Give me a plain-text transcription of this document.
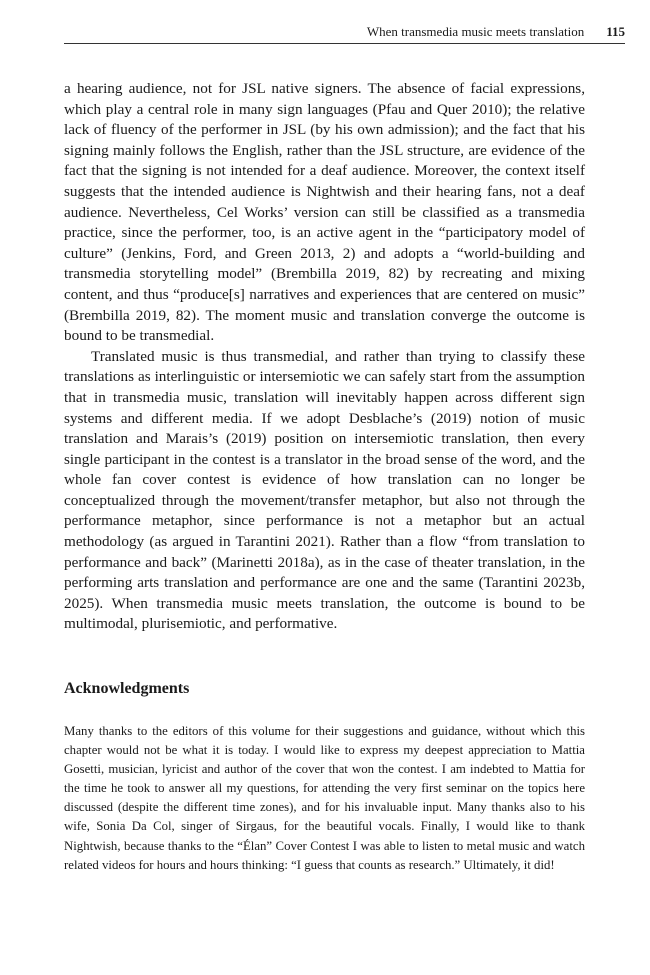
When transmedia music meets translation 115

a hearing audience, not for JSL native signers. The absence of facial expressions, which play a central role in many sign languages (Pfau and Quer 2010); the relative lack of fluency of the performer in JSL (by his own admission); and the fact that his signing mainly follows the English, rather than the JSL structure, are evidence of the fact that the signing is not intended for a deaf audience. Moreover, the context itself suggests that the intended audience is Nightwish and their hearing fans, not a deaf audience. Nevertheless, Cel Works’ version can still be classified as a transmedia practice, since the performer, too, is an active agent in the “participatory model of culture” (Jenkins, Ford, and Green 2013, 2) and adopts a “world-building and transmedia storytelling model” (Brembilla 2019, 82) by recreating and mixing content, and thus “produce[s] narratives and experiences that are centered on music” (Brembilla 2019, 82). The moment music and translation converge the outcome is bound to be transmedial.

Translated music is thus transmedial, and rather than trying to classify these translations as interlinguistic or intersemiotic we can safely start from the assumption that in transmedia music, translation will inevitably happen across different sign systems and different media. If we adopt Desblache’s (2019) notion of music translation and Marais’s (2019) position on intersemiotic translation, then every single participant in the contest is a translator in the broad sense of the word, and the whole fan cover contest is evidence of how translation can no longer be conceptualized through the movement/transfer metaphor, but also not through the performance metaphor, since performance is not a metaphor but an actual methodology (as argued in Tarantini 2021). Rather than a flow “from translation to performance and back” (Marinetti 2018a), as in the case of theater translation, in the performing arts translation and performance are one and the same (Tarantini 2023b, 2025). When transmedia music meets translation, the outcome is bound to be multimodal, plurisemiotic, and performative.

Acknowledgments

Many thanks to the editors of this volume for their suggestions and guidance, without which this chapter would not be what it is today. I would like to express my deepest appreciation to Mattia Gosetti, musician, lyricist and author of the cover that won the contest. I am indebted to Mattia for the time he took to answer all my questions, for attending the very first seminar on the topics here discussed (despite the different time zones), and for his invaluable input. Many thanks also to his wife, Sonia Da Col, singer of Sirgaus, for the beautiful vocals. Finally, I would like to thank Nightwish, because thanks to the “Élan” Cover Contest I was able to listen to metal music and watch related videos for hours and hours thinking: “I guess that counts as research.” Ultimately, it did!
